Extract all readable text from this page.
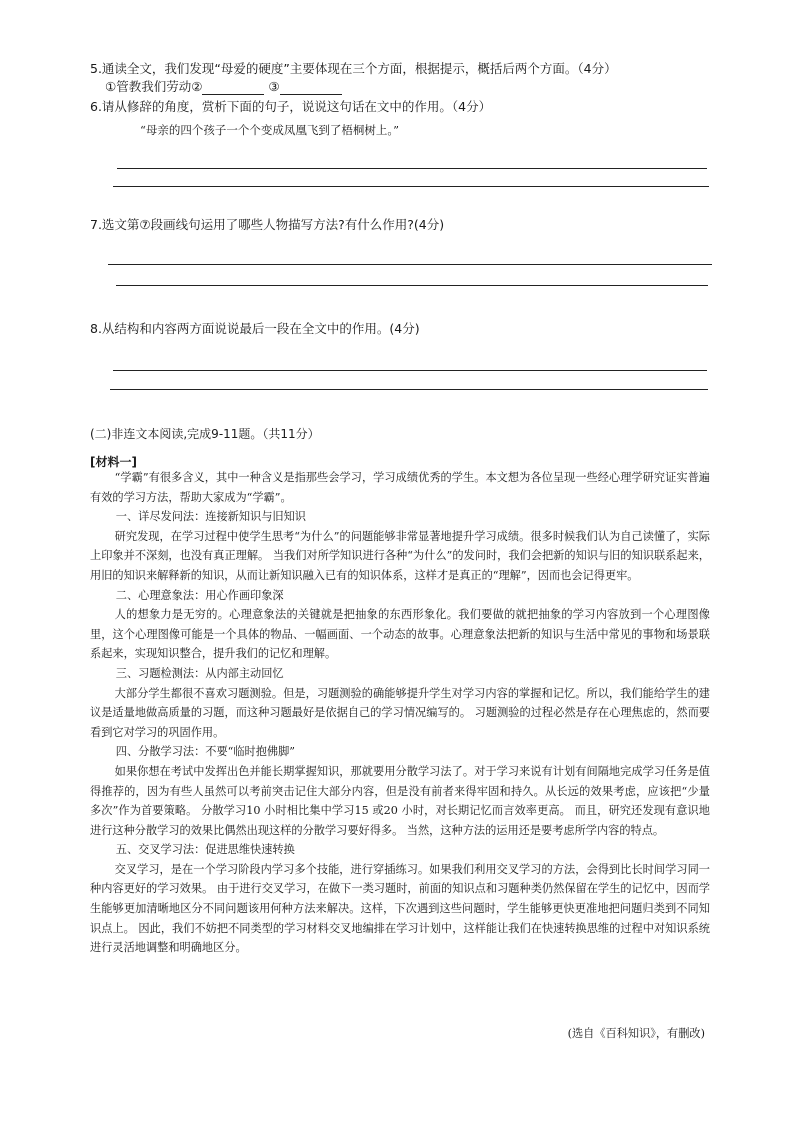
5.通读全文，我们发现“母爱的硬度”主要体现在三个方面，根据提示，概括后两个方面。（4分）
①管教我们劳动②	③
6.请从修辞的角度，赏析下面的句子，说说这句话在文中的作用。（4分）
“母亲的四个孩子一个个变成凤凰飞到了梧桐树上。”
7.选文第⑦段画线句运用了哪些人物描写方法?有什么作用?(4分)
8.从结构和内容两方面说说最后一段在全文中的作用。(4分)
(二)非连文本阅读,完成9-11题。（共11分）
[材料一]

“学霸”有很多含义，其中一种含义是指那些会学习，学习成绩优秀的学生。本文想为各位呈现一些经心理学研究证实普遍有效的学习方法，帮助大家成为“学霸”。

一、详尽发问法：连接新知识与旧知识

研究发现，在学习过程中使学生思考“为什么”的问题能够非常显著地提升学习成绩。很多时候我们认为自己读懂了，实际上印象并不深刻，也没有真正理解。 当我们对所学知识进行各种“为什么”的发问时，我们会把新的知识与旧的知识联系起来，用旧的知识来解释新的知识，从而让新知识融入已有的知识体系，这样才是真正的“理解”，因而也会记得更牢。

二、心理意象法：用心作画印象深

人的想象力是无穷的。心理意象法的关键就是把抽象的东西形象化。我们要做的就把抽象的学习内容放到一个心理图像里，这个心理图像可能是一个具体的物品、一幅画面、一个动态的故事。心理意象法把新的知识与生活中常见的事物和场景联系起来，实现知识整合，提升我们的记忆和理解。

三、习题检测法：从内部主动回忆

大部分学生都很不喜欢习题测验。但是，习题测验的确能够提升学生对学习内容的掌握和记忆。所以，我们能给学生的建议是适量地做高质量的习题，而这种习题最好是依据自己的学习情况编写的。 习题测验的过程必然是存在心理焦虑的，然而要看到它对学习的巩固作用。

四、分散学习法：不要“临时抱佛脚”

如果你想在考试中发挥出色并能长期掌握知识，那就要用分散学习法了。对于学习来说有计划有间隔地完成学习任务是值得推荐的，因为有些人虽然可以考前突击记住大部分内容，但是没有前者来得牢固和持久。从长远的效果考虑，应该把“少量多次”作为首要策略。 分散学习10 小时相比集中学习15 或20 小时，对长期记忆而言效率更高。 而且，研究还发现有意识地进行这种分散学习的效果比偶然出现这样的分散学习要好得多。 当然，这种方法的运用还是要考虑所学内容的特点。

五、交叉学习法：促进思维快速转换

交叉学习，是在一个学习阶段内学习多个技能，进行穿插练习。如果我们利用交叉学习的方法，会得到比长时间学习同一种内容更好的学习效果。 由于进行交叉学习，在做下一类习题时，前面的知识点和习题种类仍然保留在学生的记忆中，因而学生能够更加清晰地区分不同问题该用何种方法来解决。这样，下次遇到这些问题时，学生能够更快更准地把问题归类到不同知识点上。 因此，我们不妨把不同类型的学习材料交叉地编排在学习计划中，这样能让我们在快速转换思维的过程中对知识系统进行灵活地调整和明确地区分。

(选自《百科知识》，有删改)
